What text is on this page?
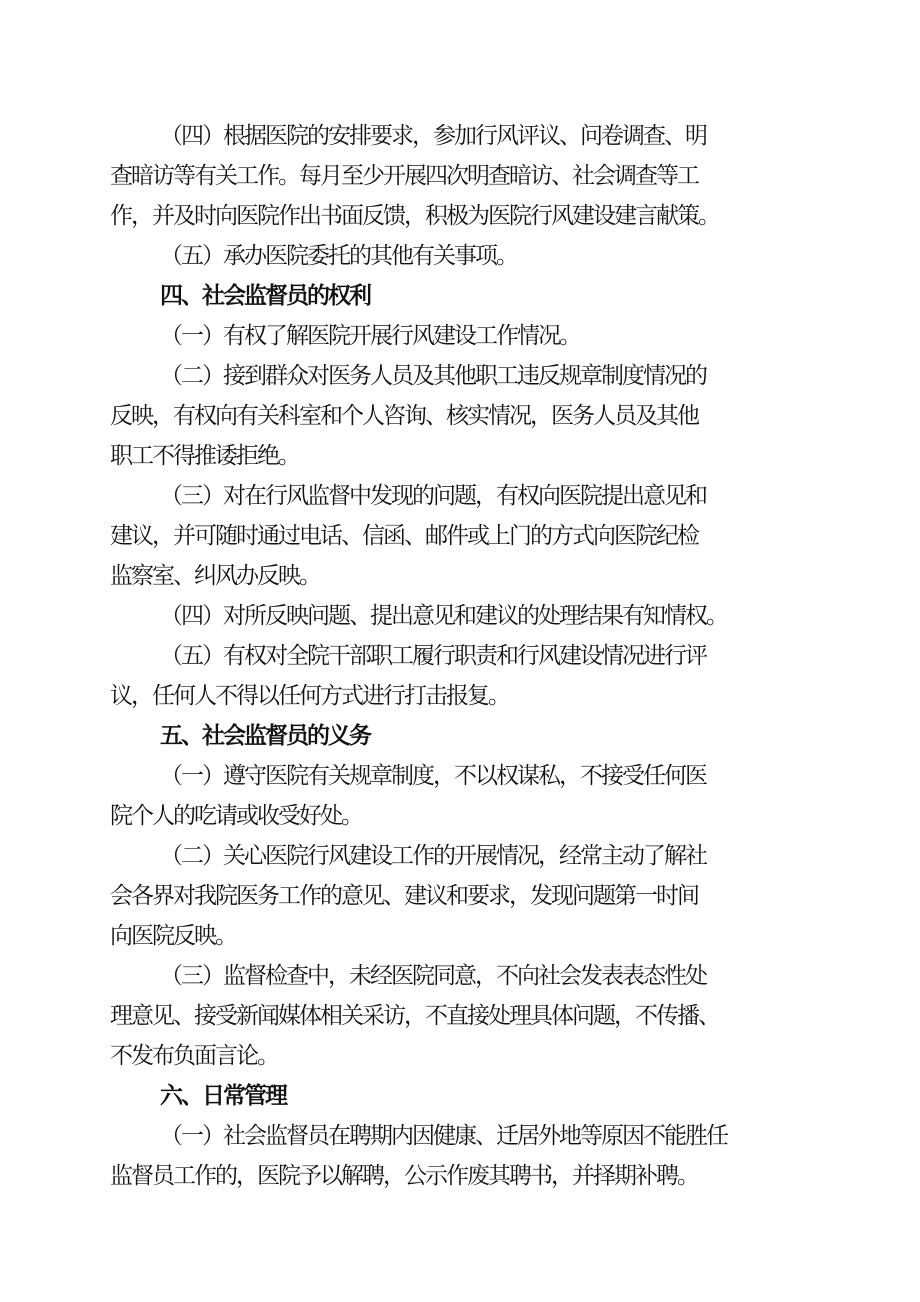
（四）根据医院的安排要求，参加行风评议、问卷调查、明
查暗访等有关工作。每月至少开展四次明查暗访、社会调查等工
作，并及时向医院作出书面反馈，积极为医院行风建设建言献策。
（五）承办医院委托的其他有关事项。
四、社会监督员的权利
（一）有权了解医院开展行风建设工作情况。
（二）接到群众对医务人员及其他职工违反规章制度情况的
反映，有权向有关科室和个人咨询、核实情况，医务人员及其他
职工不得推诿拒绝。
（三）对在行风监督中发现的问题，有权向医院提出意见和
建议，并可随时通过电话、信函、邮件或上门的方式向医院纪检
监察室、纠风办反映。
（四）对所反映问题、提出意见和建议的处理结果有知情权。
（五）有权对全院干部职工履行职责和行风建设情况进行评
议，任何人不得以任何方式进行打击报复。
五、社会监督员的义务
（一）遵守医院有关规章制度，不以权谋私，不接受任何医
院个人的吃请或收受好处。
（二）关心医院行风建设工作的开展情况，经常主动了解社
会各界对我院医务工作的意见、建议和要求，发现问题第一时间
向医院反映。
（三）监督检查中，未经医院同意，不向社会发表表态性处
理意见、接受新闻媒体相关采访，不直接处理具体问题，不传播、
不发布负面言论。
六、日常管理
（一）社会监督员在聘期内因健康、迁居外地等原因不能胜任
监督员工作的，医院予以解聘，公示作废其聘书，并择期补聘。
